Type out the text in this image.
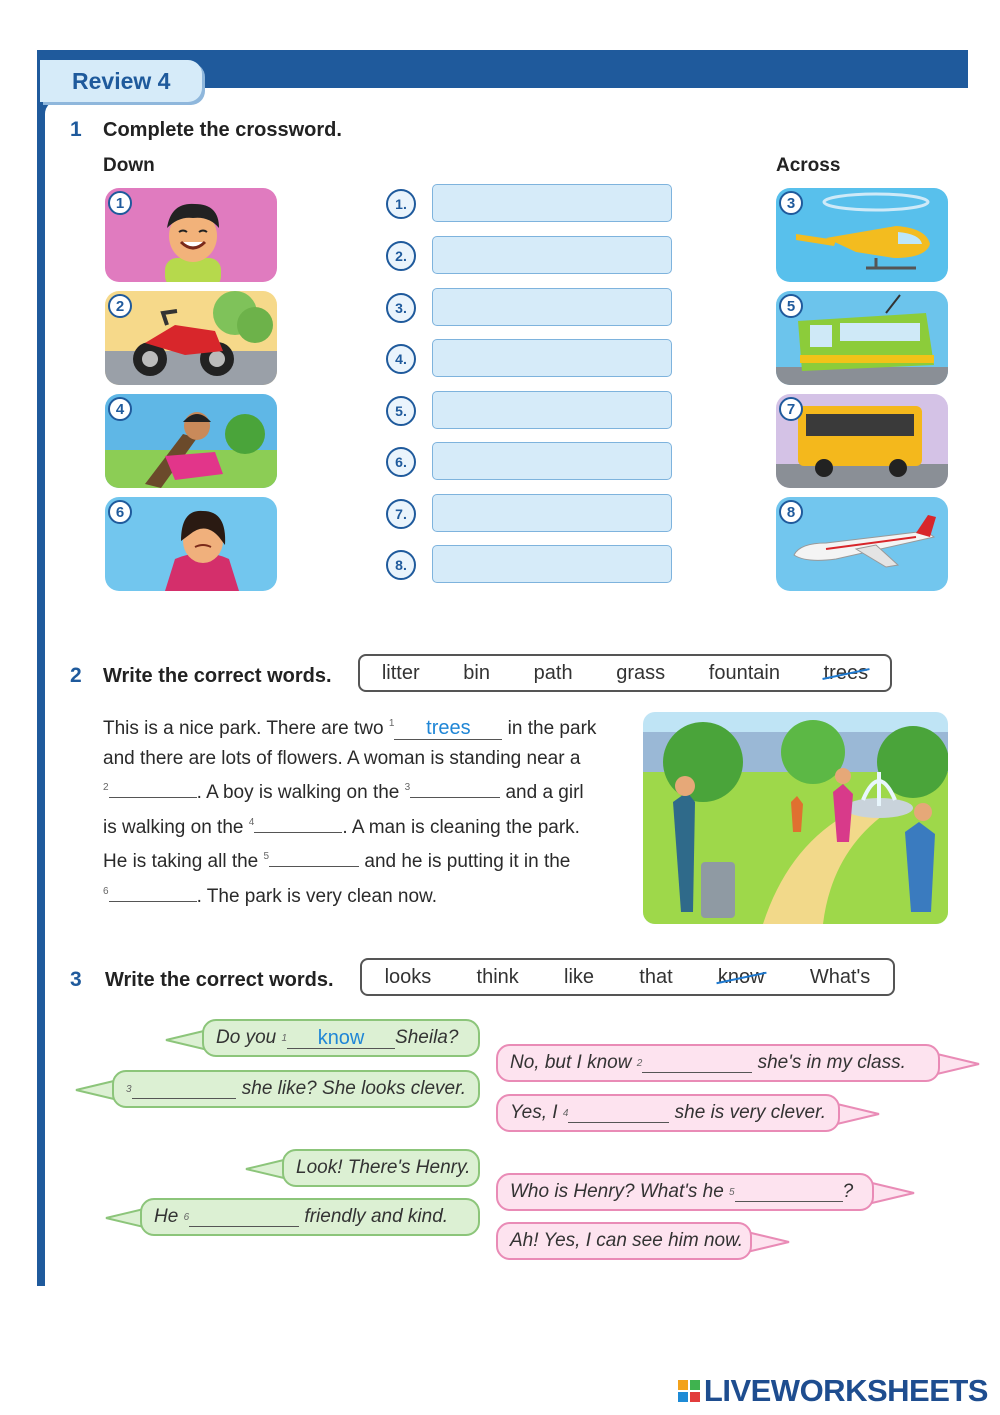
Review 4
1 Complete the crossword.
Down	Across
1
2
4
6
1.
2.
3.
4.
5.
6.
7.
8.
3
5
7
8
2 Write the correct words.	litter bin path grass fountain trees
This is a nice park. There are two $^1$ trees in the park
and there are lots of flowers. A woman is standing near a
$^2$	. A boy is walking on the $^3$	and a girl
is walking on the $^4$	. A man is cleaning the park.
He is taking all the $^5$	and he is putting it in the
$^6$	. The park is very clean now.
3 Write the correct words.	looks think like that know What's
Do you
1	know	Sheila?
3
	she like? She looks clever.
Look! There's Henry.
He
6
	friendly and kind.
No, but I know
2
	she's in my class.
Yes, I
4
	she is very clever.
Who is Henry? What's he
5	?
Ah! Yes, I can see him now.
LIVEWORKSHEETS
